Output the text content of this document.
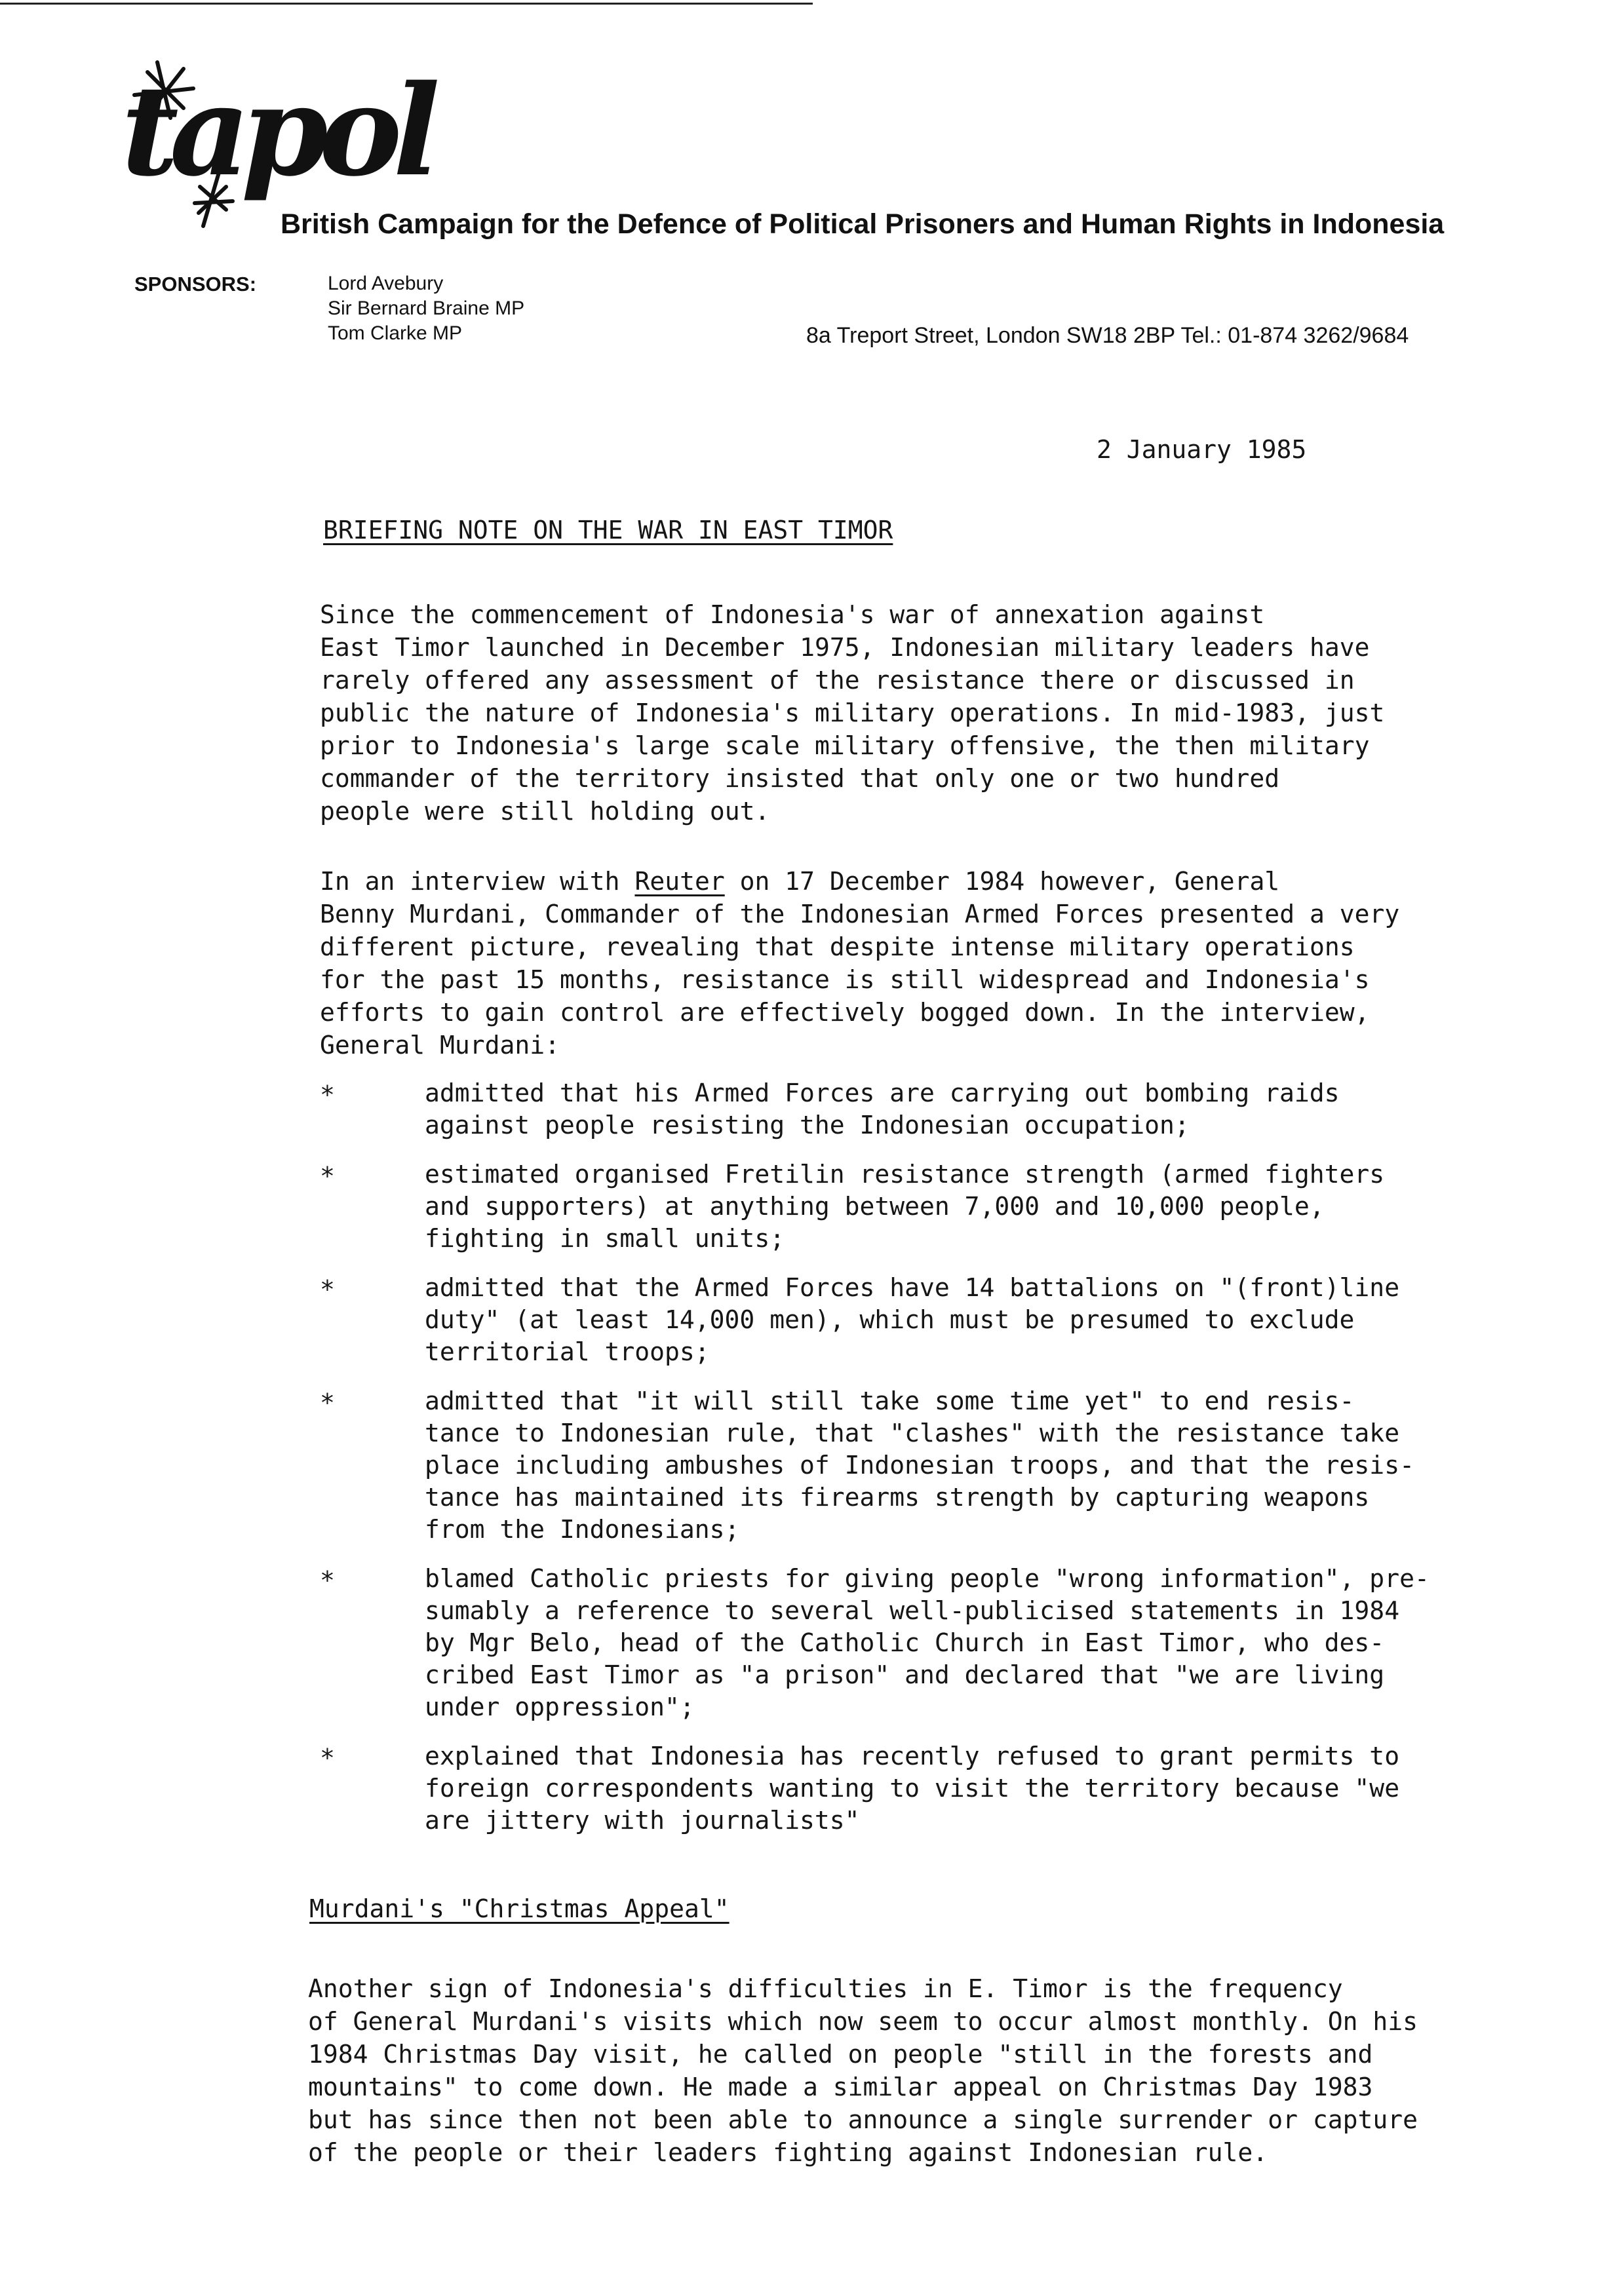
tapol
British Campaign for the Defence of Political Prisoners and Human Rights in Indonesia
SPONSORS:	Lord Avebury
Sir Bernard Braine MP
Tom Clarke MP	8a Treport Street, London SW18 2BP Tel.: 01-874 3262/9684
2 January 1985
BRIEFING NOTE ON THE WAR IN EAST TIMOR

Since the commencement of Indonesia's war of annexation against
East Timor launched in December 1975, Indonesian military leaders have
rarely offered any assessment of the resistance there or discussed in
public the nature of Indonesia's military operations. In mid-1983, just
prior to Indonesia's large scale military offensive, the then military
commander of the territory insisted that only one or two hundred
people were still holding out.

In an interview with Reuter on 17 December 1984 however, General
Benny Murdani, Commander of the Indonesian Armed Forces presented a very
different picture, revealing that despite intense military operations
for the past 15 months, resistance is still widespread and Indonesia's
efforts to gain control are effectively bogged down. In the interview,
General Murdani:

*	admitted that his Armed Forces are carrying out bombing raids
against people resisting the Indonesian occupation;
*	estimated organised Fretilin resistance strength (armed fighters
and supporters) at anything between 7,000 and 10,000 people,
fighting in small units;
*	admitted that the Armed Forces have 14 battalions on "(front)line
duty" (at least 14,000 men), which must be presumed to exclude
territorial troops;
*	admitted that "it will still take some time yet" to end resis-
tance to Indonesian rule, that "clashes" with the resistance take
place including ambushes of Indonesian troops, and that the resis-
tance has maintained its firearms strength by capturing weapons
from the Indonesians;
*	blamed Catholic priests for giving people "wrong information", pre-
sumably a reference to several well-publicised statements in 1984
by Mgr Belo, head of the Catholic Church in East Timor, who des-
cribed East Timor as "a prison" and declared that "we are living
under oppression";
*	explained that Indonesia has recently refused to grant permits to
foreign correspondents wanting to visit the territory because "we
are jittery with journalists"
Murdani's "Christmas Appeal"

Another sign of Indonesia's difficulties in E. Timor is the frequency
of General Murdani's visits which now seem to occur almost monthly. On his
1984 Christmas Day visit, he called on people "still in the forests and
mountains" to come down. He made a similar appeal on Christmas Day 1983
but has since then not been able to announce a single surrender or capture
of the people or their leaders fighting against Indonesian rule.
